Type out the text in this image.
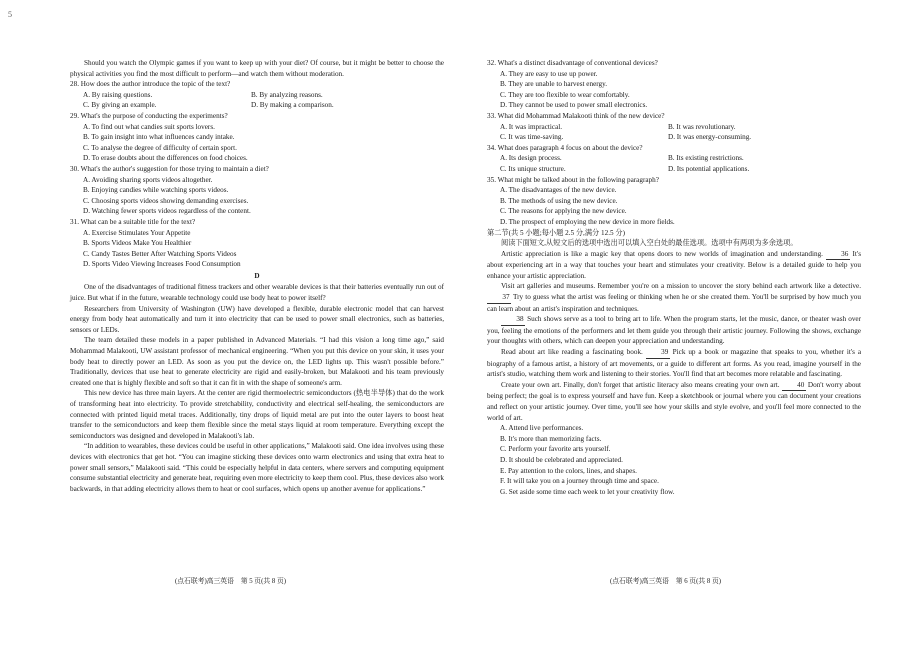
5

Should you watch the Olympic games if you want to keep up with your diet? Of course, but it might be better to choose the physical activities you find the most difficult to perform—and watch them without moderation.

28. How does the author introduce the topic of the text?
A. By raising questions.	B. By analyzing reasons.
C. By giving an example.	D. By making a comparison.
29. What's the purpose of conducting the experiments?
A. To find out what candies suit sports lovers.
B. To gain insight into what influences candy intake.
C. To analyse the degree of difficulty of certain sport.
D. To erase doubts about the differences on food choices.
30. What's the author's suggestion for those trying to maintain a diet?
A. Avoiding sharing sports videos altogether.
B. Enjoying candies while watching sports videos.
C. Choosing sports videos showing demanding exercises.
D. Watching fewer sports videos regardless of the content.
31. What can be a suitable title for the text?
A. Exercise Stimulates Your Appetite
B. Sports Videos Make You Healthier
C. Candy Tastes Better After Watching Sports Videos
D. Sports Video Viewing Increases Food Consumption
D

One of the disadvantages of traditional fitness trackers and other wearable devices is that their batteries eventually run out of juice. But what if in the future, wearable technology could use body heat to power itself?

Researchers from University of Washington (UW) have developed a flexible, durable electronic model that can harvest energy from body heat automatically and turn it into electricity that can be used to power small electronics, such as batteries, sensors or LEDs.

The team detailed these models in a paper published in Advanced Materials. “I had this vision a long time ago,” said Mohammad Malakooti, UW assistant professor of mechanical engineering. “When you put this device on your skin, it uses your body heat to directly power an LED. As soon as you put the device on, the LED lights up. This wasn't possible before.” Traditionally, devices that use heat to generate electricity are rigid and easily-broken, but Malakooti and his team previously created one that is highly flexible and soft so that it can fit in with the shape of someone's arm.

This new device has three main layers. At the center are rigid thermoelectric semiconductors (热电半导体) that do the work of transforming heat into electricity. To provide stretchability, conductivity and electrical self-healing, the semiconductors are connected with printed liquid metal traces. Additionally, tiny drops of liquid metal are put into the outer layers to boost heat transfer to the semiconductors and keep them flexible since the metal stays liquid at room temperature. Everything except the semiconductors was designed and developed in Malakooti's lab.

“In addition to wearables, these devices could be useful in other applications,” Malakooti said. One idea involves using these devices with electronics that get hot. “You can imagine sticking these devices onto warm electronics and using that extra heat to power small sensors,” Malakooti said. “This could be especially helpful in data centers, where servers and computing equipment consume substantial electricity and generate heat, requiring even more electricity to keep them cool. Plus, these devices also work backwards, in that adding electricity allows them to heat or cool surfaces, which opens up another avenue for applications.”

32. What's a distinct disadvantage of conventional devices?
A. They are easy to use up power.
B. They are unable to harvest energy.
C. They are too flexible to wear comfortably.
D. They cannot be used to power small electronics.
33. What did Mohammad Malakooti think of the new device?
A. It was impractical.	B. It was revolutionary.
C. It was time-saving.	D. It was energy-consuming.
34. What does paragraph 4 focus on about the device?
A. Its design process.	B. Its existing restrictions.
C. Its unique structure.	D. Its potential applications.
35. What might be talked about in the following paragraph?
A. The disadvantages of the new device.
B. The methods of using the new device.
C. The reasons for applying the new device.
D. The prospect of employing the new device in more fields.

第二节(共 5 小题;每小题 2.5 分,满分 12.5 分)

阅读下面短文,从短文后的选项中选出可以填入空白处的最佳选项。选项中有两项为多余选项。

Artistic appreciation is like a magic key that opens doors to new worlds of imagination and understanding.	36 It's about experiencing art in a way that touches your heart and stimulates your creativity. Below is a detailed guide to help you enhance your artistic appreciation.

Visit art galleries and museums. Remember you're on a mission to uncover the story behind each artwork like a detective. 37 Try to guess what the artist was feeling or thinking when he or she created them. You'll be surprised by how much you can learn about an artist's inspiration and techniques.

38 Such shows serve as a tool to bring art to life. When the program starts, let the music, dance, or theater wash over you, feeling the emotions of the performers and let them guide you through their artistic journey. Following the shows, exchange your thoughts with others, which can deepen your appreciation and understanding.

Read about art like reading a fascinating book.	39 Pick up a book or magazine that speaks to you, whether it's a biography of a famous artist, a history of art movements, or a guide to different art forms. As you read, imagine yourself in the artist's studio, watching them work and listening to their stories. You'll find that art becomes more relatable and fascinating.

Create your own art. Finally, don't forget that artistic literacy also means creating your own art. 40 Don't worry about being perfect; the goal is to express yourself and have fun. Keep a sketchbook or journal where you can document your creations and reflect on your artistic journey. Over time, you'll see how your skills and style evolve, and you'll feel more connected to the world of art.

A. Attend live performances.
B. It's more than memorizing facts.
C. Perform your favorite arts yourself.
D. It should be celebrated and appreciated.
E. Pay attention to the colors, lines, and shapes.
F. It will take you on a journey through time and space.
G. Set aside some time each week to let your creativity flow.
(点石联考)高三英语　第 5 页(共 8 页)	(点石联考)高三英语　第 6 页(共 8 页)
